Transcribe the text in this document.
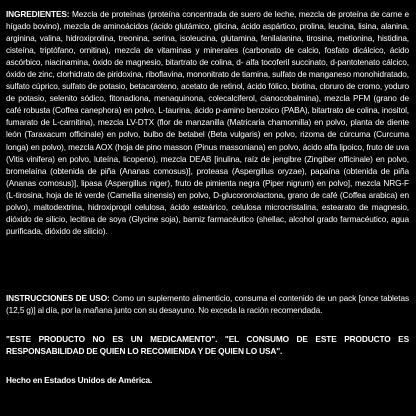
INGREDIENTES: Mezcla de proteínas (proteína concentrada de suero de leche, mezcla de proteína de carne e hígado bovino), mezcla de aminoácidos (ácido glutámico, glicina, ácido aspártico, prolina, leucina, lisina, alanina, arginina, valina, hidroxiprolina, treonina, serina, isoleucina, glutamina, fenilalanina, tirosina, metionina, histidina, cisteína, triptófano, ornitina), mezcla de vitaminas y minerales (carbonato de calcio, fosfato dicálcico, ácido ascórbico, niacinamina, óxido de magnesio, bitartrato de colina, d- alfa tocoferil succinato, d-pantotenato cálcico, óxido de zinc, clorhidrato de piridoxina, riboflavina, mononitrato de tiamina, sulfato de manganeso monohidratado, sulfato cúprico, sulfato de potasio, betacaroteno, acetato de retinol, ácido fólico, biotina, cloruro de cromo, yoduro de potasio, selenito sódico, fitonadiona, menaquinona, colecalciferol, cianocobalmina), mezcla PFM (grano de café robusta (Coffea canephora) en polvo, L-taurina, ácido p-amino benzoico (PABA), bitartrato de colina, inositol, fumarato de L-carnitina), mezcla LV-DTX (flor de manzanilla (Matricaria chamomilla) en polvo, planta de diente león (Taraxacum officinale) en polvo, bulbo de betabel (Beta vulgaris) en polvo, rizoma de cúrcuma (Curcuma longa) en polvo), mezcla AOX (hoja de pino masson (Pinus massoniana) en polvo, ácido alfa lipoico, fruto de uva (Vitis vinifera) en polvo, luteína, licopeno), mezcla DEAB [inulina, raíz de jengibre (Zingiber officinale) en polvo, bromelaína (obtenida de piña (Ananas comosus)], proteasa (Aspergillus oryzae), papaína (obtenida de piña (Ananas comosus)], lipasa (Aspergillus niger), fruto de pimienta negra (Piper nigrum) en polvo], mezcla NRG-F (L-tirosina, hoja de té verde (Camellia sinensis) en polvo, D-glucoronolactona, grano de café (Coffea arabica) en polvo), maltodextrina, hidroxipropil celulosa, ácido esteárico, celulosa microcristalina, estearato de magnesio, dióxido de silicio, lecitina de soya (Glycine soja), barniz farmacéutico (shellac, alcohol grado farmacéutico, agua purificada, dióxido de silicio).

INSTRUCCIONES DE USO: Como un suplemento alimenticio, consuma el contenido de un pack [once tabletas (12,5 g)] al día, por la mañana junto con su desayuno. No exceda la ración recomendada.

"ESTE PRODUCTO NO ES UN MEDICAMENTO". "EL CONSUMO DE ESTE PRODUCTO ES RESPONSABILIDAD DE QUIEN LO RECOMIENDA Y DE QUIEN LO USA".

Hecho en Estados Unidos de América.
